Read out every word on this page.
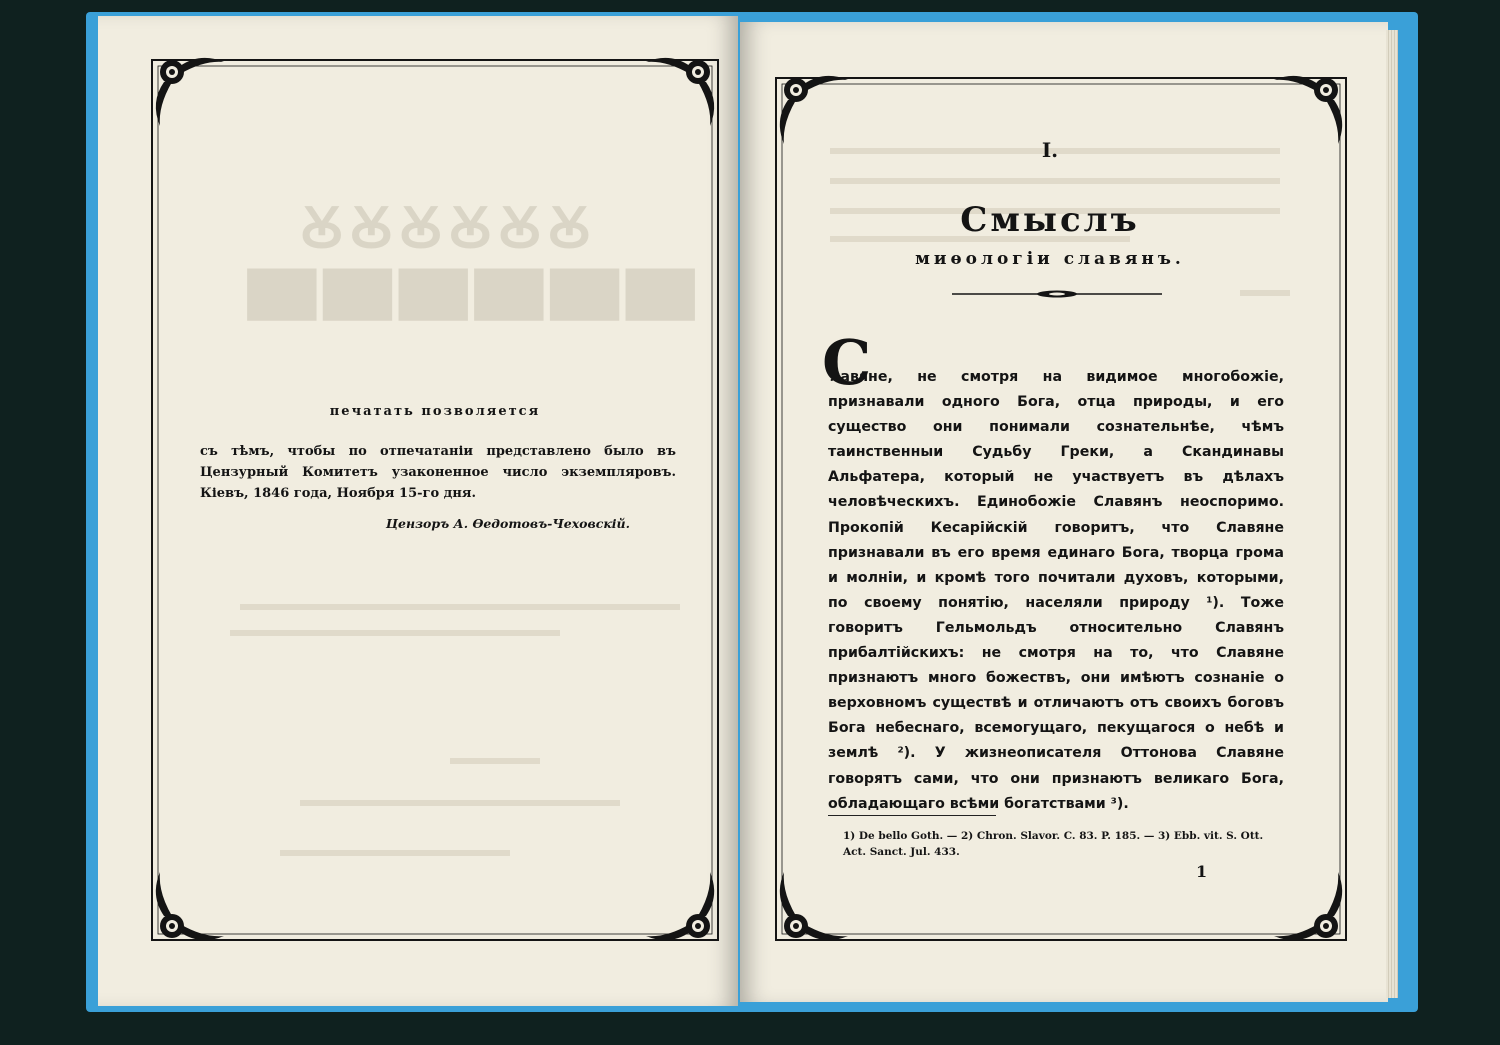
ꙊꙊꙊꙊꙊꙊ
▀▀▀▀▀▀
печатать позволяется
съ тѣмъ, чтобы по отпечатаніи представлено было въ Цензурный Комитетъ узаконенное число экземпляровъ. Кіевъ, 1846 года, Ноября 15-го дня.
Цензоръ А. Ѳедотовъ-Чеховскій.
I.
Смыслъ
миѳологіи славянъ.
С
лавяне, не смотря на видимое многобожіе, признавали одного Бога, отца природы, и его существо они понимали сознательнѣе, чѣмъ таинственныи Судьбу Греки, а Скандинавы Альфатера, который не участвуетъ въ дѣлахъ человѣческихъ. Единобожіе Славянъ неоспоримо. Прокопій Кесарійскій говоритъ, что Славяне признавали въ его время единаго Бога, творца грома и молніи, и кромѣ того почитали духовъ, которыми, по своему понятію, населяли природу ¹). Тоже говоритъ Гельмольдъ относительно Славянъ прибалтійскихъ: не смотря на то, что Славяне признаютъ много божествъ, они имѣютъ сознаніе о верховномъ существѣ и отличаютъ отъ своихъ боговъ Бога небеснаго, всемогущаго, пекущагося о небѣ и землѣ ²). У жизнеописателя Оттонова Славяне говорятъ сами, что они признаютъ великаго Бога, обладающаго всѣми богатствами ³).
1) De bello Goth. — 2) Chron. Slavor. C. 83. P. 185. — 3) Ebb. vit. S. Ott. Act. Sanct. Jul. 433.
1
